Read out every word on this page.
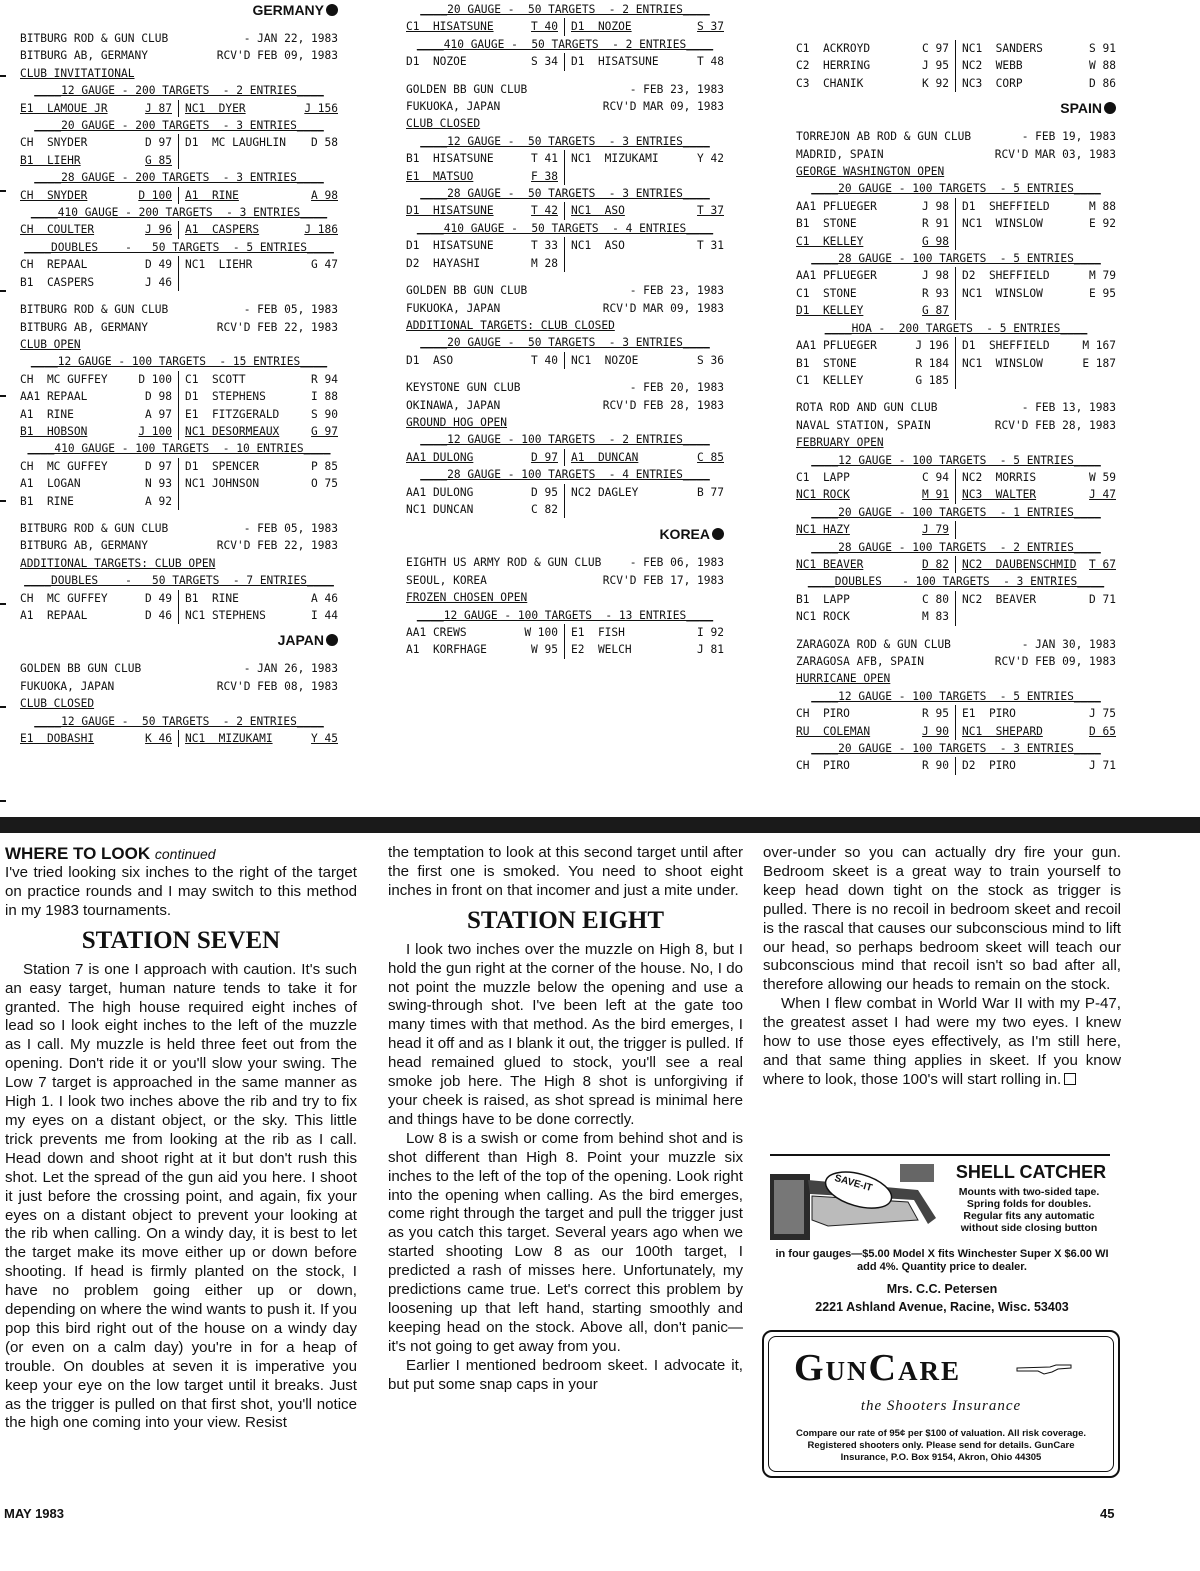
GERMANY
BITBURG ROD & GUN CLUB	- JAN 22, 1983
BITBURG AB, GERMANY	RCV'D FEB 09, 1983
CLUB INVITATIONAL
____12 GAUGE - 200 TARGETS  - 2 ENTRIES____
E1  LAMOUE JR	J 87 NC1  DYER	J 156
____20 GAUGE - 200 TARGETS  - 3 ENTRIES____
CH  SNYDER	D 97 D1  MC LAUGHLIN D 58
B1  LIEHR	G 85
____28 GAUGE - 200 TARGETS  - 3 ENTRIES____
CH  SNYDER	D 100 A1  RINE	A 98
____410 GAUGE - 200 TARGETS  - 3 ENTRIES____
CH  COULTER	J 96 A1  CASPERS	J 186
____DOUBLES    -   50 TARGETS  - 5 ENTRIES____
CH  REPAAL	D 49 NC1  LIEHR	G 47
B1  CASPERS	J 46
BITBURG ROD & GUN CLUB	- FEB 05, 1983
BITBURG AB, GERMANY	RCV'D FEB 22, 1983
CLUB OPEN
____12 GAUGE - 100 TARGETS  - 15 ENTRIES____
CH  MC GUFFEY	D 100 C1  SCOTT	R 94
AA1 REPAAL	D 98 D1  STEPHENS	I 88
A1  RINE	A 97 E1  FITZGERALD	S 90
B1  HOBSON	J 100 NC1 DESORMEAUX	G 97
____410 GAUGE - 100 TARGETS  - 10 ENTRIES____
CH  MC GUFFEY	D 97 D1  SPENCER	P 85
A1  LOGAN	N 93 NC1 JOHNSON	O 75
B1  RINE	A 92
BITBURG ROD & GUN CLUB	- FEB 05, 1983
BITBURG AB, GERMANY	RCV'D FEB 22, 1983
ADDITIONAL TARGETS: CLUB OPEN
____DOUBLES    -   50 TARGETS  - 7 ENTRIES____
CH  MC GUFFEY	D 49 B1  RINE	A 46
A1  REPAAL	D 46 NC1 STEPHENS	I 44
JAPAN
GOLDEN BB GUN CLUB	- JAN 26, 1983
FUKUOKA, JAPAN	RCV'D FEB 08, 1983
CLUB CLOSED
____12 GAUGE -  50 TARGETS  - 2 ENTRIES____
E1  DOBASHI	K 46 NC1  MIZUKAMI	Y 45
____20 GAUGE -  50 TARGETS  - 2 ENTRIES____
C1  HISATSUNE	T 40 D1  NOZOE	S 37
____410 GAUGE -  50 TARGETS  - 2 ENTRIES____
D1  NOZOE	S 34 D1  HISATSUNE	T 48
GOLDEN BB GUN CLUB	- FEB 23, 1983
FUKUOKA, JAPAN	RCV'D MAR 09, 1983
CLUB CLOSED
____12 GAUGE -  50 TARGETS  - 3 ENTRIES____
B1  HISATSUNE	T 41 NC1  MIZUKAMI	Y 42
E1  MATSUO	F 38
____28 GAUGE -  50 TARGETS  - 3 ENTRIES____
D1  HISATSUNE	T 42 NC1  ASO	T 37
____410 GAUGE -  50 TARGETS  - 4 ENTRIES____
D1  HISATSUNE	T 33 NC1  ASO	T 31
D2  HAYASHI	M 28
GOLDEN BB GUN CLUB	- FEB 23, 1983
FUKUOKA, JAPAN	RCV'D MAR 09, 1983
ADDITIONAL TARGETS: CLUB CLOSED
____20 GAUGE -  50 TARGETS  - 3 ENTRIES____
D1  ASO	T 40 NC1  NOZOE	S 36
KEYSTONE GUN CLUB	- FEB 20, 1983
OKINAWA, JAPAN	RCV'D FEB 28, 1983
GROUND HOG OPEN
____12 GAUGE - 100 TARGETS  - 2 ENTRIES____
AA1 DULONG	D 97 A1  DUNCAN	C 85
____28 GAUGE - 100 TARGETS  - 4 ENTRIES____
AA1 DULONG	D 95 NC2 DAGLEY	B 77
NC1 DUNCAN	C 82
KOREA
EIGHTH US ARMY ROD & GUN CLUB	- FEB 06, 1983
SEOUL, KOREA	RCV'D FEB 17, 1983
FROZEN CHOSEN OPEN
____12 GAUGE - 100 TARGETS  - 13 ENTRIES____
AA1 CREWS	W 100 E1  FISH	I 92
A1  KORFHAGE	W 95 E2  WELCH	J 81
C1  ACKROYD	C 97 NC1  SANDERS	S 91
C2  HERRING	J 95 NC2  WEBB	W 88
C3  CHANIK	K 92 NC3  CORP	D 86
SPAIN
TORREJON AB ROD & GUN CLUB	- FEB 19, 1983
MADRID, SPAIN	RCV'D MAR 03, 1983
GEORGE WASHINGTON OPEN
____20 GAUGE - 100 TARGETS  - 5 ENTRIES____
AA1 PFLUEGER	J 98 D1  SHEFFIELD	M 88
B1  STONE	R 91 NC1  WINSLOW	E 92
C1  KELLEY	G 98
____28 GAUGE - 100 TARGETS  - 5 ENTRIES____
AA1 PFLUEGER	J 98 D2  SHEFFIELD	M 79
C1  STONE	R 93 NC1  WINSLOW	E 95
D1  KELLEY	G 87
____HOA -  200 TARGETS  - 5 ENTRIES____
AA1 PFLUEGER	J 196 D1  SHEFFIELD	M 167
B1  STONE	R 184 NC1  WINSLOW	E 187
C1  KELLEY	G 185
ROTA ROD AND GUN CLUB	- FEB 13, 1983
NAVAL STATION, SPAIN	RCV'D FEB 28, 1983
FEBRUARY OPEN
____12 GAUGE - 100 TARGETS  - 5 ENTRIES____
C1  LAPP	C 94 NC2  MORRIS	W 59
NC1 ROCK	M 91 NC3  WALTER	J 47
____20 GAUGE - 100 TARGETS  - 1 ENTRIES____
NC1 HAZY	J 79
____28 GAUGE - 100 TARGETS  - 2 ENTRIES____
NC1 BEAVER	D 82 NC2  DAUBENSCHMID T 67
____DOUBLES   - 100 TARGETS  - 3 ENTRIES____
B1  LAPP	C 80 NC2  BEAVER	D 71
NC1 ROCK	M 83
ZARAGOZA ROD & GUN CLUB	- JAN 30, 1983
ZARAGOSA AFB, SPAIN	RCV'D FEB 09, 1983
HURRICANE OPEN
____12 GAUGE - 100 TARGETS  - 5 ENTRIES____
CH  PIRO	R 95 E1  PIRO	J 75
RU  COLEMAN	J 90 NC1  SHEPARD	D 65
____20 GAUGE - 100 TARGETS  - 3 ENTRIES____
CH  PIRO	R 90 D2  PIRO	J 71
WHERE TO LOOK continued

I've tried looking six inches to the right of the target on practice rounds and I may switch to this method in my 1983 tournaments.

STATION SEVEN

Station 7 is one I approach with caution. It's such an easy target, human nature tends to take it for granted. The high house required eight inches of lead so I look eight inches to the left of the muzzle as I call. My muzzle is held three feet out from the opening. Don't ride it or you'll slow your swing. The Low 7 target is approached in the same manner as High 1. I look two inches above the rib and try to fix my eyes on a distant object, or the sky. This little trick prevents me from looking at the rib as I call. Head down and shoot right at it but don't rush this shot. Let the spread of the gun aid you here. I shoot it just before the crossing point, and again, fix your eyes on a distant object to prevent your looking at the rib when calling. On a windy day, it is best to let the target make its move either up or down before shooting. If head is firmly planted on the stock, I have no problem going either up or down, depending on where the wind wants to push it. If you pop this bird right out of the house on a windy day (or even on a calm day) you're in for a heap of trouble. On doubles at seven it is imperative you keep your eye on the low target until it breaks. Just as the trigger is pulled on that first shot, you'll notice the high one coming into your view. Resist

the temptation to look at this second target until after the first one is smoked. You need to shoot eight inches in front on that incomer and just a mite under.

STATION EIGHT

I look two inches over the muzzle on High 8, but I hold the gun right at the corner of the house. No, I do not point the muzzle below the opening and use a swing-through shot. I've been left at the gate too many times with that method. As the bird emerges, I head it off and as I blank it out, the trigger is pulled. If head remained glued to stock, you'll see a real smoke job here. The High 8 shot is unforgiving if your cheek is raised, as shot spread is minimal here and things have to be done correctly.

Low 8 is a swish or come from behind shot and is shot different than High 8. Point your muzzle six inches to the left of the top of the opening. Look right into the opening when calling. As the bird emerges, come right through the target and pull the trigger just as you catch this target. Several years ago when we started shooting Low 8 as our 100th target, I predicted a rash of misses here. Unfortunately, my predictions came true. Let's correct this problem by loosening up that left hand, starting smoothly and keeping head on the stock. Above all, don't panic—it's not going to get away from you.

Earlier I mentioned bedroom skeet. I advocate it, but put some snap caps in your

over-under so you can actually dry fire your gun. Bedroom skeet is a great way to train yourself to keep head down tight on the stock as trigger is pulled. There is no recoil in bedroom skeet and recoil is the rascal that causes our subconscious mind to lift our head, so perhaps bedroom skeet will teach our subconscious mind that recoil isn't so bad after all, therefore allowing our heads to remain on the stock.

When I flew combat in World War II with my P-47, the greatest asset I had were my two eyes. I knew how to use those eyes effectively, as I'm still here, and that same thing applies in skeet. If you know where to look, those 100's will start rolling in.

SAVE-IT
SHELL CATCHER
Mounts with two-sided tape. Spring folds for doubles. Regular fits any automatic without side closing button
in four gauges—$5.00 Model X fits Winchester Super X $6.00 WI add 4%. Quantity price to dealer.
Mrs. C.C. Petersen
2221 Ashland Avenue, Racine, Wisc. 53403
GunCare
the Shooters Insurance
Compare our rate of 95¢ per $100 of valuation. All risk coverage. Registered shooters only. Please send for details. GunCare Insurance, P.O. Box 9154, Akron, Ohio 44305
MAY 1983	45
